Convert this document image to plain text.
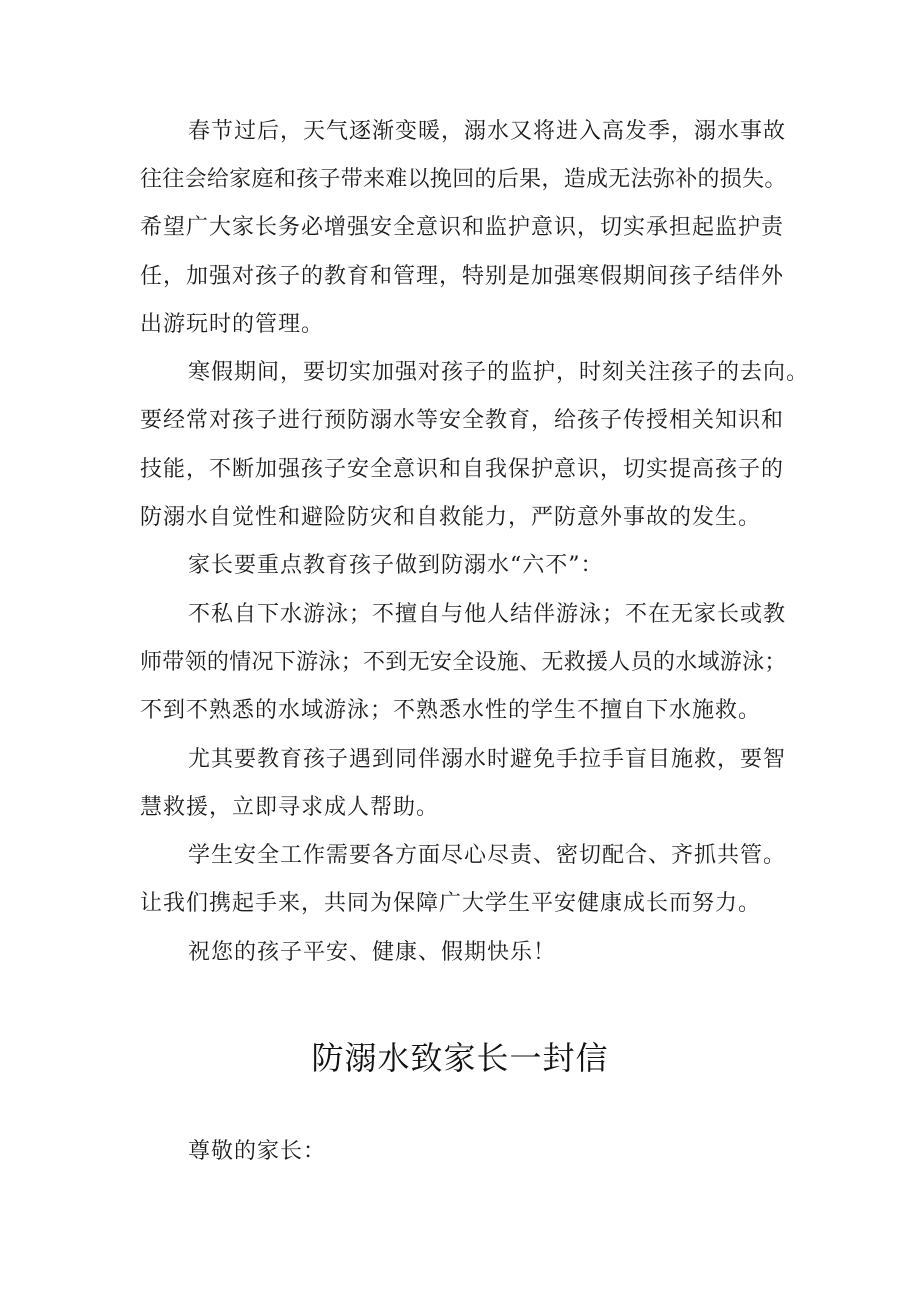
春节过后，天气逐渐变暖，溺水又将进入高发季，溺水事故
往往会给家庭和孩子带来难以挽回的后果，造成无法弥补的损失。
希望广大家长务必增强安全意识和监护意识，切实承担起监护责
任，加强对孩子的教育和管理，特别是加强寒假期间孩子结伴外
出游玩时的管理。
寒假期间，要切实加强对孩子的监护，时刻关注孩子的去向。
要经常对孩子进行预防溺水等安全教育，给孩子传授相关知识和
技能，不断加强孩子安全意识和自我保护意识，切实提高孩子的
防溺水自觉性和避险防灾和自救能力，严防意外事故的发生。
家长要重点教育孩子做到防溺水“六不”：
不私自下水游泳；不擅自与他人结伴游泳；不在无家长或教
师带领的情况下游泳；不到无安全设施、无救援人员的水域游泳；
不到不熟悉的水域游泳；不熟悉水性的学生不擅自下水施救。
尤其要教育孩子遇到同伴溺水时避免手拉手盲目施救，要智
慧救援，立即寻求成人帮助。
学生安全工作需要各方面尽心尽责、密切配合、齐抓共管。
让我们携起手来，共同为保障广大学生平安健康成长而努力。
祝您的孩子平安、健康、假期快乐！
防溺水致家长一封信
尊敬的家长：
